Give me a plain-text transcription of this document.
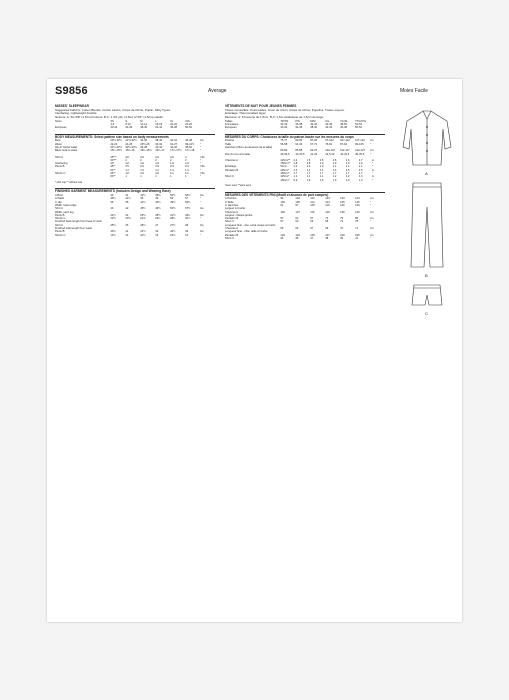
S9856	Average	Moies Facile
MISSES' SLEEPWEAR
Suggested Fabrics: Cotton Blends, Cotton Lawns, Crepe de Chine, Poplin, Silky Types.
Interfacing: Lightweight Fusible.
Notions: A: Six 5/8" (1.5cm) buttons. B,C: 1 3/4 yds. (1.5m) of 3/4" (1.5cm) elastic.
Sizes	XS	S	M	L	XL	XXL	
	4-6	8-10	12-14	16-18	20-22	24-26	
European	30-32	34-36	38-40	42-44	46-48	50-52	
BODY MEASUREMENTS: Select pattern size based on body measurements
Bust	29½-30½	31½-32½	34-36	38-40	42-44	46-48	Ins
Waist	22-23	24-25	26½-28	30-32	34-37	39-41½	"
Hip-9" below waist	31½-32½	33½-34½	36-38	40-42	44-46	48-50	"
Back neck to waist	15¼-15½	15¾-16	16¼-16½	16¾-17	17¼-17½	17¾-18	"
Shirt A	45"**	2⅛	2⅛	2⅛	2⅛	2	Yds
	60"**	2	2	2	2	2	"
Interfacing	20"	1⅛	1⅛	1⅛	1⅛	1⅛	"
Pants B	45"*	2½	2⅝	2⅝	2⅝	2⅝	Yds
	60"*	1⅞	1⅞	1⅞	1⅞	1⅞	"
Shorts C	45"*	1⅛	1⅛	1⅛	1¼	1¼	Yds
	60"*	1	1	1	1	1	"
* with nap ** without nap
FINISHED GARMENT MEASUREMENTS (Includes Design and Wearing Ease)
A Bust	39	41	44½	48½	52½	56½	Ins
A Waist	39½	41½	45	49	53	57	"
C Hip	36	38	41½	45½	49½	53½	"
Width, lower edge							
Shirt A	40	42	45½	49½	53½	57½	Ins
Width, each leg							
Pants B	22½	24	26½	28½	31½	33¾	Ins
Shorts C	22½	23½	24⅝	26¾	28¾	30⅞	"
Finished back length from base of neck							
Shirt A	25½	26	26½	27	27½	28	Ins
Finished side length from waist							
Pants B	40½	41	41½	42	42½	43	Ins
Shorts C	13½	14	14½	15	15½	16	"
VÊTEMENTS DE NUIT POUR JEUNES FEMMES
Tissus Conseillés: Cotonnades, Linon de coton, Crêpe de Chine, Popeline, Tissus soyeux.
Entoilage: Thermocollant léger.
Mercerie: A: 6 boutons de 1,5cm. B,C: 1,5m d'élastique de 1,5cm de large.
Tailles	TP/XS	P/S	M/M	G/L	TG/XL	TTG/XXL	
Françaises	32-34	36-38	40-42	44-46	48-50	52-54	
European	30-32	34-36	38-40	42-44	46-48	50-52	
MESURES DU CORPS: Choisissez la taille du patron basée sur les mesures du corps
Poitrine	75-77	80-83	87-92	97-102	107-112	117-122	cm
Taille	56-58	61-64	67-71	76-81	87-94	99-105	"
Hanches (23cm au-dessous de la taille)							
	80-83	85-88	92-97	102-107	112-117	122-127	cm
Dos du cou à la taille	39-39,5	40-40,5	41-42	42,5-43	44-44,5	45-45,5	"
Chemise A	115cm**	2,4	2,5	2,5	2,6	2,6	2,7	m
	150cm**	1,8	1,8	1,9	1,9	1,9	1,9	"
Entoilage	51cm	1,0	1,0	1,0	1,1	1,1	1,1	"
Pantalon B	115cm*	2,3	2,4	2,4	2,4	2,5	2,5	m
	150cm*	1,7	1,7	1,7	1,7	1,7	1,7	"
Short C	115cm*	1,1	1,1	1,1	1,2	1,2	1,3	m
	150cm*	0,9	0,9	0,9	0,9	1,0	1,0	"
*avec sens **sans sens
MESURES DES VÊTEMENTS FINI (Modif et aisance de port compris)
A Poitrine	99	104	113	123	133	144	cm
A Taille	100	105	114	124	135	145	"
C Hanches	91	97	105	116	126	136	"
Largeur à l'ourlet							
Chemise A	102	107	116	126	136	146	cm
Largeur, chaque jambe							
Pantalon B	57	61	67	73	79	86	cm
Short C	57	60	63	68	73	78	"
Longueur finie - dos, extra nuque à l'ourlet							
Chemise A	65	66	67	69	70	71	cm
Longueur finie - côté, taille à l'ourlet							
Pantalon B	103	104	105	107	108	109	cm
Short C	34	36	37	38	39	41	"
A
B
C
